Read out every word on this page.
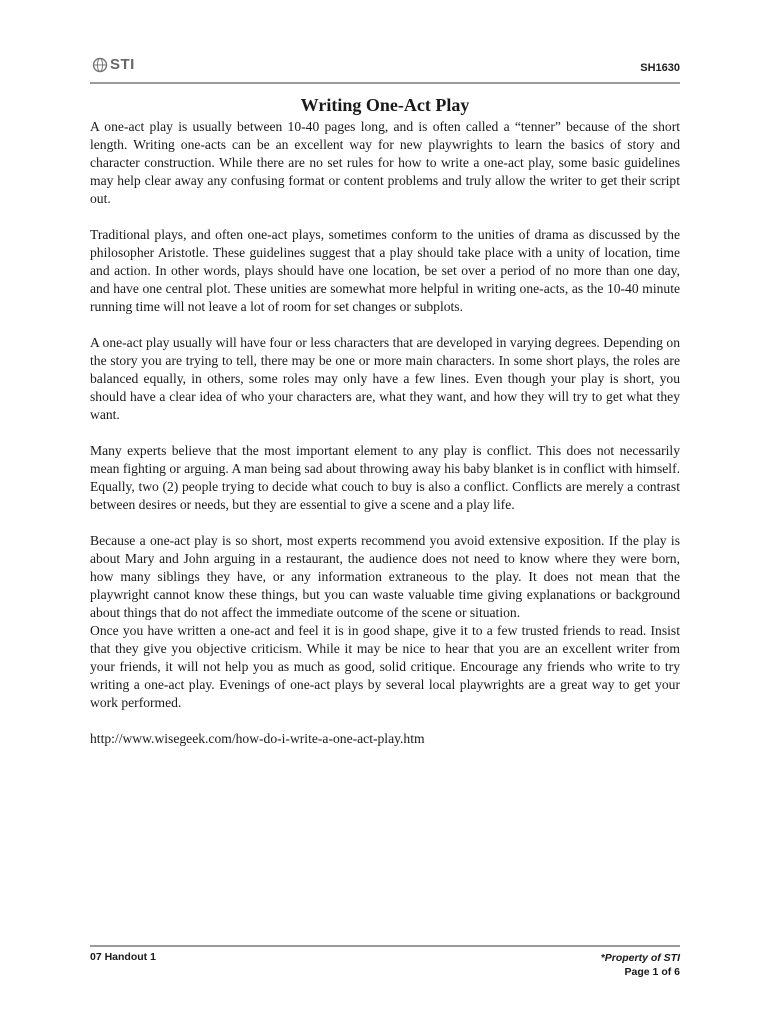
STI	SH1630
Writing One-Act Play

A one-act play is usually between 10-40 pages long, and is often called a “tenner” because of the short length. Writing one-acts can be an excellent way for new playwrights to learn the basics of story and character construction. While there are no set rules for how to write a one-act play, some basic guidelines may help clear away any confusing format or content problems and truly allow the writer to get their script out.

Traditional plays, and often one-act plays, sometimes conform to the unities of drama as discussed by the philosopher Aristotle. These guidelines suggest that a play should take place with a unity of location, time and action. In other words, plays should have one location, be set over a period of no more than one day, and have one central plot. These unities are somewhat more helpful in writing one-acts, as the 10-40 minute running time will not leave a lot of room for set changes or subplots.

A one-act play usually will have four or less characters that are developed in varying degrees. Depending on the story you are trying to tell, there may be one or more main characters. In some short plays, the roles are balanced equally, in others, some roles may only have a few lines. Even though your play is short, you should have a clear idea of who your characters are, what they want, and how they will try to get what they want.

Many experts believe that the most important element to any play is conflict. This does not necessarily mean fighting or arguing. A man being sad about throwing away his baby blanket is in conflict with himself. Equally, two (2) people trying to decide what couch to buy is also a conflict. Conflicts are merely a contrast between desires or needs, but they are essential to give a scene and a play life.

Because a one-act play is so short, most experts recommend you avoid extensive exposition. If the play is about Mary and John arguing in a restaurant, the audience does not need to know where they were born, how many siblings they have, or any information extraneous to the play. It does not mean that the playwright cannot know these things, but you can waste valuable time giving explanations or background about things that do not affect the immediate outcome of the scene or situation.

Once you have written a one-act and feel it is in good shape, give it to a few trusted friends to read. Insist that they give you objective criticism. While it may be nice to hear that you are an excellent writer from your friends, it will not help you as much as good, solid critique. Encourage any friends who write to try writing a one-act play. Evenings of one-act plays by several local playwrights are a great way to get your work performed.

http://www.wisegeek.com/how-do-i-write-a-one-act-play.htm

07 Handout 1	*Property of STI
Page 1 of 6
